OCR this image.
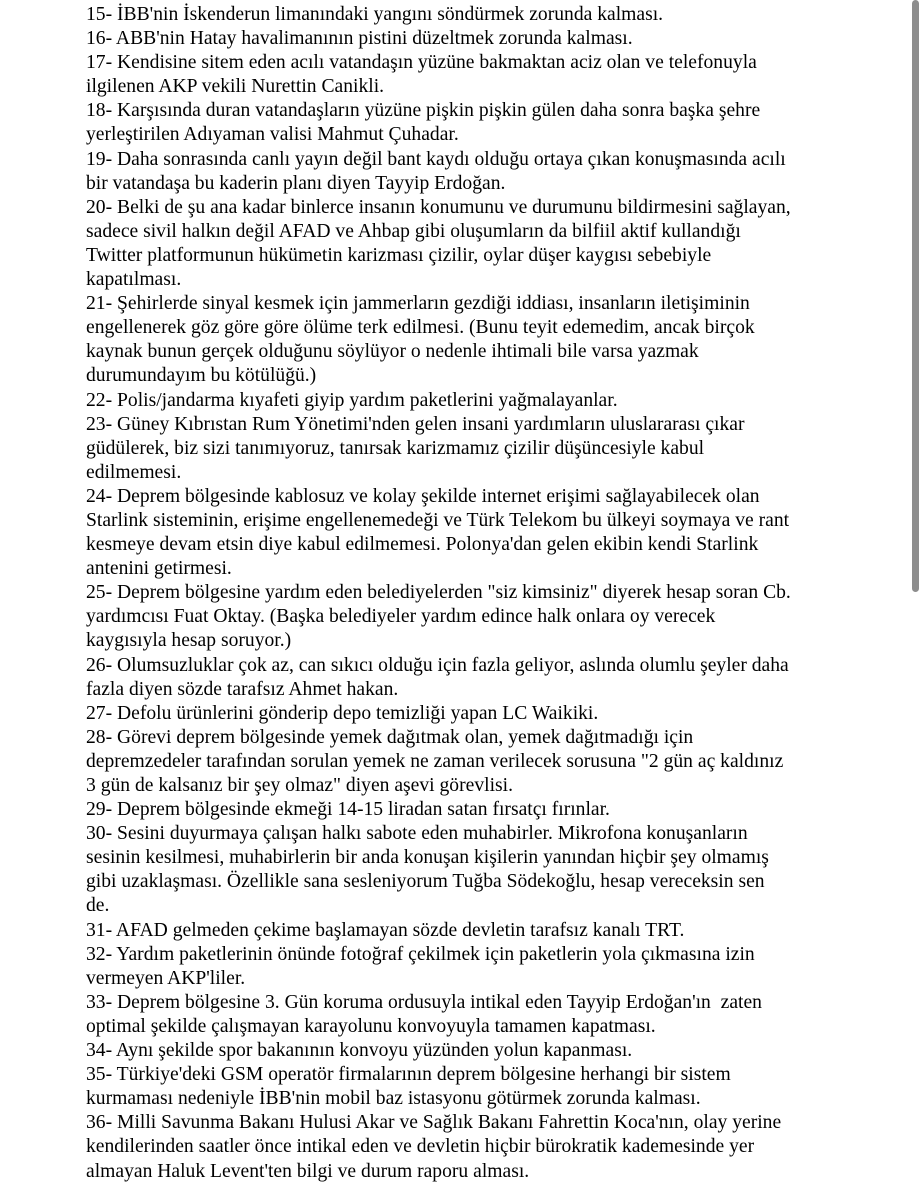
15- İBB'nin İskenderun limanındaki yangını söndürmek zorunda kalması.
16- ABB'nin Hatay havalimanının pistini düzeltmek zorunda kalması.
17- Kendisine sitem eden acılı vatandaşın yüzüne bakmaktan aciz olan ve telefonuyla
ilgilenen AKP vekili Nurettin Canikli.
18- Karşısında duran vatandaşların yüzüne pişkin pişkin gülen daha sonra başka şehre
yerleştirilen Adıyaman valisi Mahmut Çuhadar.
19- Daha sonrasında canlı yayın değil bant kaydı olduğu ortaya çıkan konuşmasında acılı
bir vatandaşa bu kaderin planı diyen Tayyip Erdoğan.
20- Belki de şu ana kadar binlerce insanın konumunu ve durumunu bildirmesini sağlayan,
sadece sivil halkın değil AFAD ve Ahbap gibi oluşumların da bilfiil aktif kullandığı
Twitter platformunun hükümetin karizması çizilir, oylar düşer kaygısı sebebiyle
kapatılması.
21- Şehirlerde sinyal kesmek için jammerların gezdiği iddiası, insanların iletişiminin
engellenerek göz göre göre ölüme terk edilmesi. (Bunu teyit edemedim, ancak birçok
kaynak bunun gerçek olduğunu söylüyor o nedenle ihtimali bile varsa yazmak
durumundayım bu kötülüğü.)
22- Polis/jandarma kıyafeti giyip yardım paketlerini yağmalayanlar.
23- Güney Kıbrıstan Rum Yönetimi'nden gelen insani yardımların uluslararası çıkar
güdülerek, biz sizi tanımıyoruz, tanırsak karizmamız çizilir düşüncesiyle kabul
edilmemesi.
24- Deprem bölgesinde kablosuz ve kolay şekilde internet erişimi sağlayabilecek olan
Starlink sisteminin, erişime engellenemedeği ve Türk Telekom bu ülkeyi soymaya ve rant
kesmeye devam etsin diye kabul edilmemesi. Polonya'dan gelen ekibin kendi Starlink
antenini getirmesi.
25- Deprem bölgesine yardım eden belediyelerden "siz kimsiniz" diyerek hesap soran Cb.
yardımcısı Fuat Oktay. (Başka belediyeler yardım edince halk onlara oy verecek
kaygısıyla hesap soruyor.)
26- Olumsuzluklar çok az, can sıkıcı olduğu için fazla geliyor, aslında olumlu şeyler daha
fazla diyen sözde tarafsız Ahmet hakan.
27- Defolu ürünlerini gönderip depo temizliği yapan LC Waikiki.
28- Görevi deprem bölgesinde yemek dağıtmak olan, yemek dağıtmadığı için
depremzedeler tarafından sorulan yemek ne zaman verilecek sorusuna "2 gün aç kaldınız
3 gün de kalsanız bir şey olmaz" diyen aşevi görevlisi.
29- Deprem bölgesinde ekmeği 14-15 liradan satan fırsatçı fırınlar.
30- Sesini duyurmaya çalışan halkı sabote eden muhabirler. Mikrofona konuşanların
sesinin kesilmesi, muhabirlerin bir anda konuşan kişilerin yanından hiçbir şey olmamış
gibi uzaklaşması. Özellikle sana sesleniyorum Tuğba Södekoğlu, hesap vereceksin sen
de.
31- AFAD gelmeden çekime başlamayan sözde devletin tarafsız kanalı TRT.
32- Yardım paketlerinin önünde fotoğraf çekilmek için paketlerin yola çıkmasına izin
vermeyen AKP'liler.
33- Deprem bölgesine 3. Gün koruma ordusuyla intikal eden Tayyip Erdoğan'ın  zaten
optimal şekilde çalışmayan karayolunu konvoyuyla tamamen kapatması.
34- Aynı şekilde spor bakanının konvoyu yüzünden yolun kapanması.
35- Türkiye'deki GSM operatör firmalarının deprem bölgesine herhangi bir sistem
kurmaması nedeniyle İBB'nin mobil baz istasyonu götürmek zorunda kalması.
36- Milli Savunma Bakanı Hulusi Akar ve Sağlık Bakanı Fahrettin Koca'nın, olay yerine
kendilerinden saatler önce intikal eden ve devletin hiçbir bürokratik kademesinde yer
almayan Haluk Levent'ten bilgi ve durum raporu alması.
